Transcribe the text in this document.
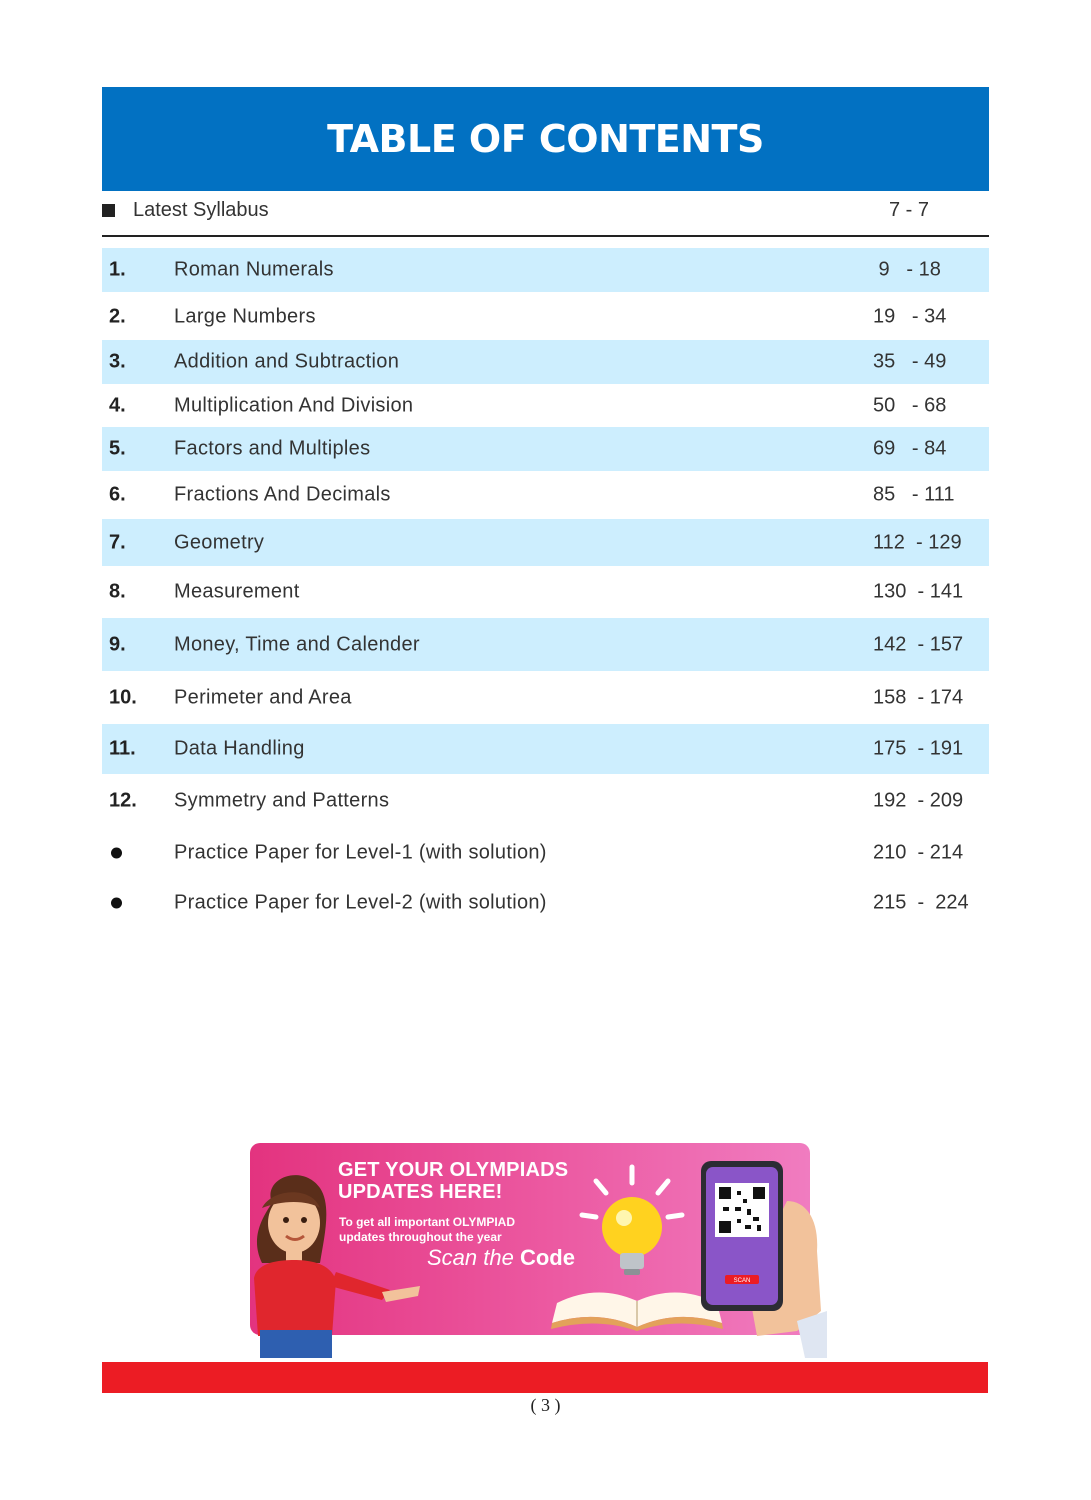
TABLE OF CONTENTS
Latest Syllabus	7 - 7
1. Roman Numerals	9   - 18
2. Large Numbers	19   - 34
3. Addition and Subtraction	35   - 49
4. Multiplication And Division	50   - 68
5. Factors and Multiples	69   - 84
6. Fractions And Decimals	85   - 111
7. Geometry	112  - 129
8. Measurement	130  - 141
9. Money, Time and Calender	142  - 157
10. Perimeter and Area	158  - 174
11. Data Handling	175  - 191
12. Symmetry and Patterns	192  - 209
Practice Paper for Level-1 (with solution)	210  - 214
Practice Paper for Level-2 (with solution)	215  -  224
GET YOUR OLYMPIADS
UPDATES HERE!
To get all important OLYMPIAD
updates throughout the year
Scan the Code
SCAN
( 3 )
